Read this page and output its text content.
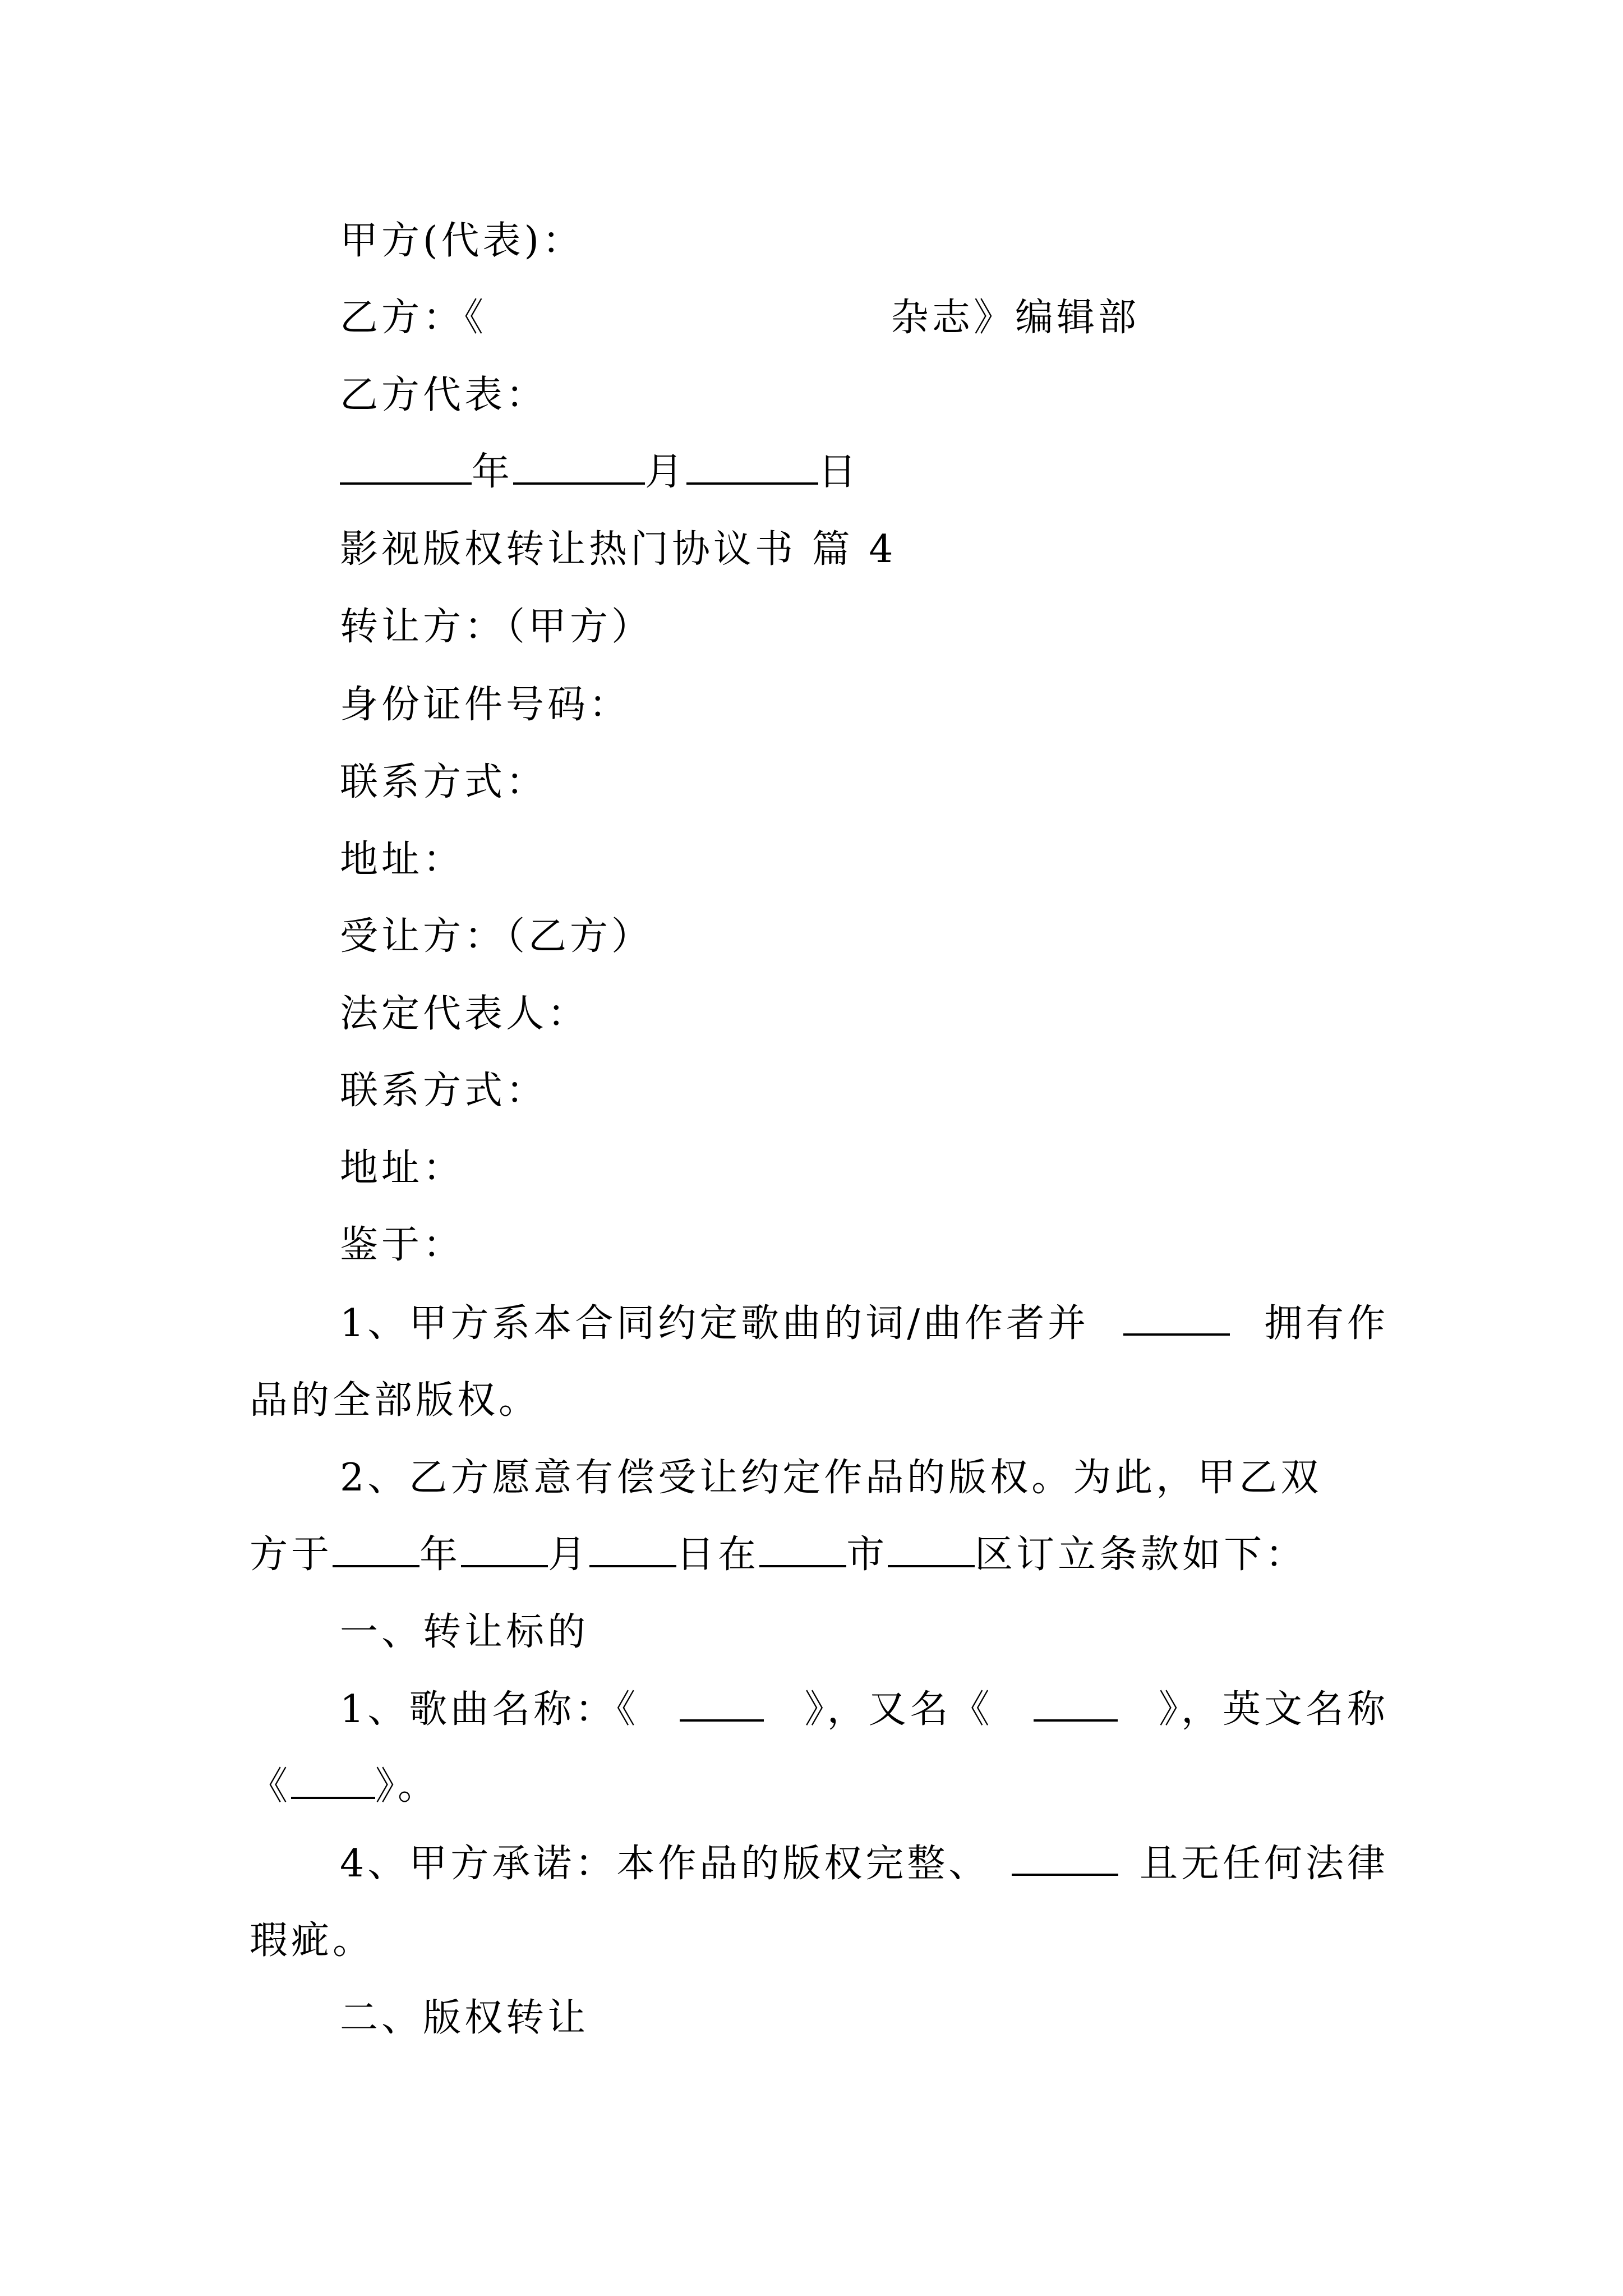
甲方(代表)：
乙方：《	杂志》编辑部
乙方代表：
年	月	日
影视版权转让热门协议书 篇 4
转让方：（甲方）
身份证件号码：
联系方式：
地址：
受让方：（乙方）
法定代表人：
联系方式：
地址：
鉴于：
1、甲方系本合同约定歌曲的词/曲作者并	拥有作
品的全部版权。
2、乙方愿意有偿受让约定作品的版权。为此，甲乙双
方于 年 月 日在 市 区订立条款如下：
一、转让标的
1、歌曲名称：《	》，又名《	》，英文名称
《 》。
4、甲方承诺：本作品的版权完整、	且无任何法律
瑕疵。
二、版权转让
